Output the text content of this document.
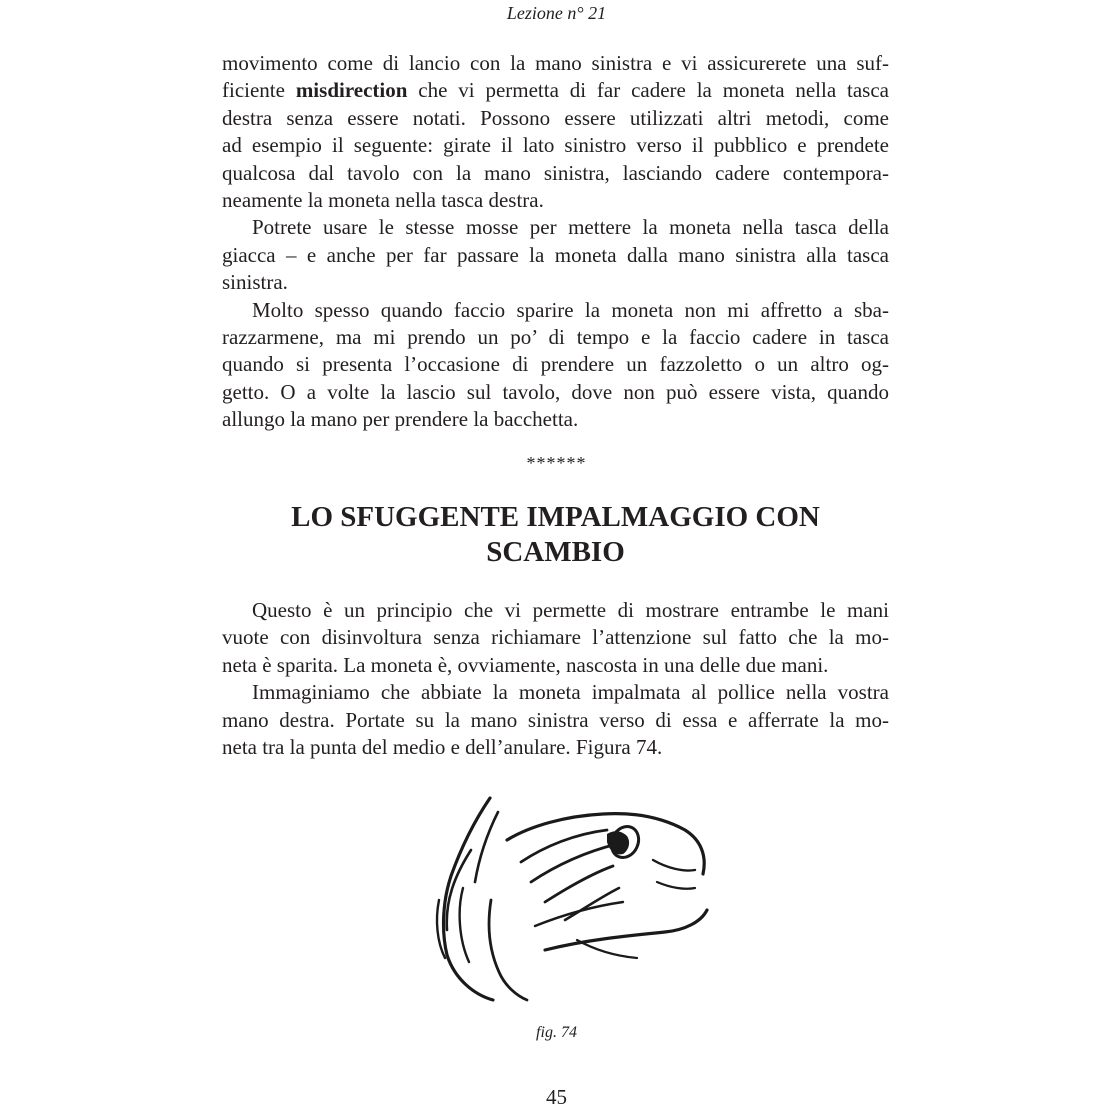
Lezione n° 21

movimento come di lancio con la mano sinistra e vi assicurerete una suf-
ficiente misdirection che vi permetta di far cadere la moneta nella tasca
destra senza essere notati. Possono essere utilizzati altri metodi, come
ad esempio il seguente: girate il lato sinistro verso il pubblico e prendete
qualcosa dal tavolo con la mano sinistra, lasciando cadere contempora-
neamente la moneta nella tasca destra.

Potrete usare le stesse mosse per mettere la moneta nella tasca della
giacca – e anche per far passare la moneta dalla mano sinistra alla tasca
sinistra.

Molto spesso quando faccio sparire la moneta non mi affretto a sba-
razzarmene, ma mi prendo un po’ di tempo e la faccio cadere in tasca
quando si presenta l’occasione di prendere un fazzoletto o un altro og-
getto. O a volte la lascio sul tavolo, dove non può essere vista, quando
allungo la mano per prendere la bacchetta.

******
LO SFUGGENTE IMPALMAGGIO CON
SCAMBIO

Questo è un principio che vi permette di mostrare entrambe le mani
vuote con disinvoltura senza richiamare l’attenzione sul fatto che la mo-
neta è sparita. La moneta è, ovviamente, nascosta in una delle due mani.

Immaginiamo che abbiate la moneta impalmata al pollice nella vostra
mano destra. Portate su la mano sinistra verso di essa e afferrate la mo-
neta tra la punta del medio e dell’anulare. Figura 74.

fig. 74
45
